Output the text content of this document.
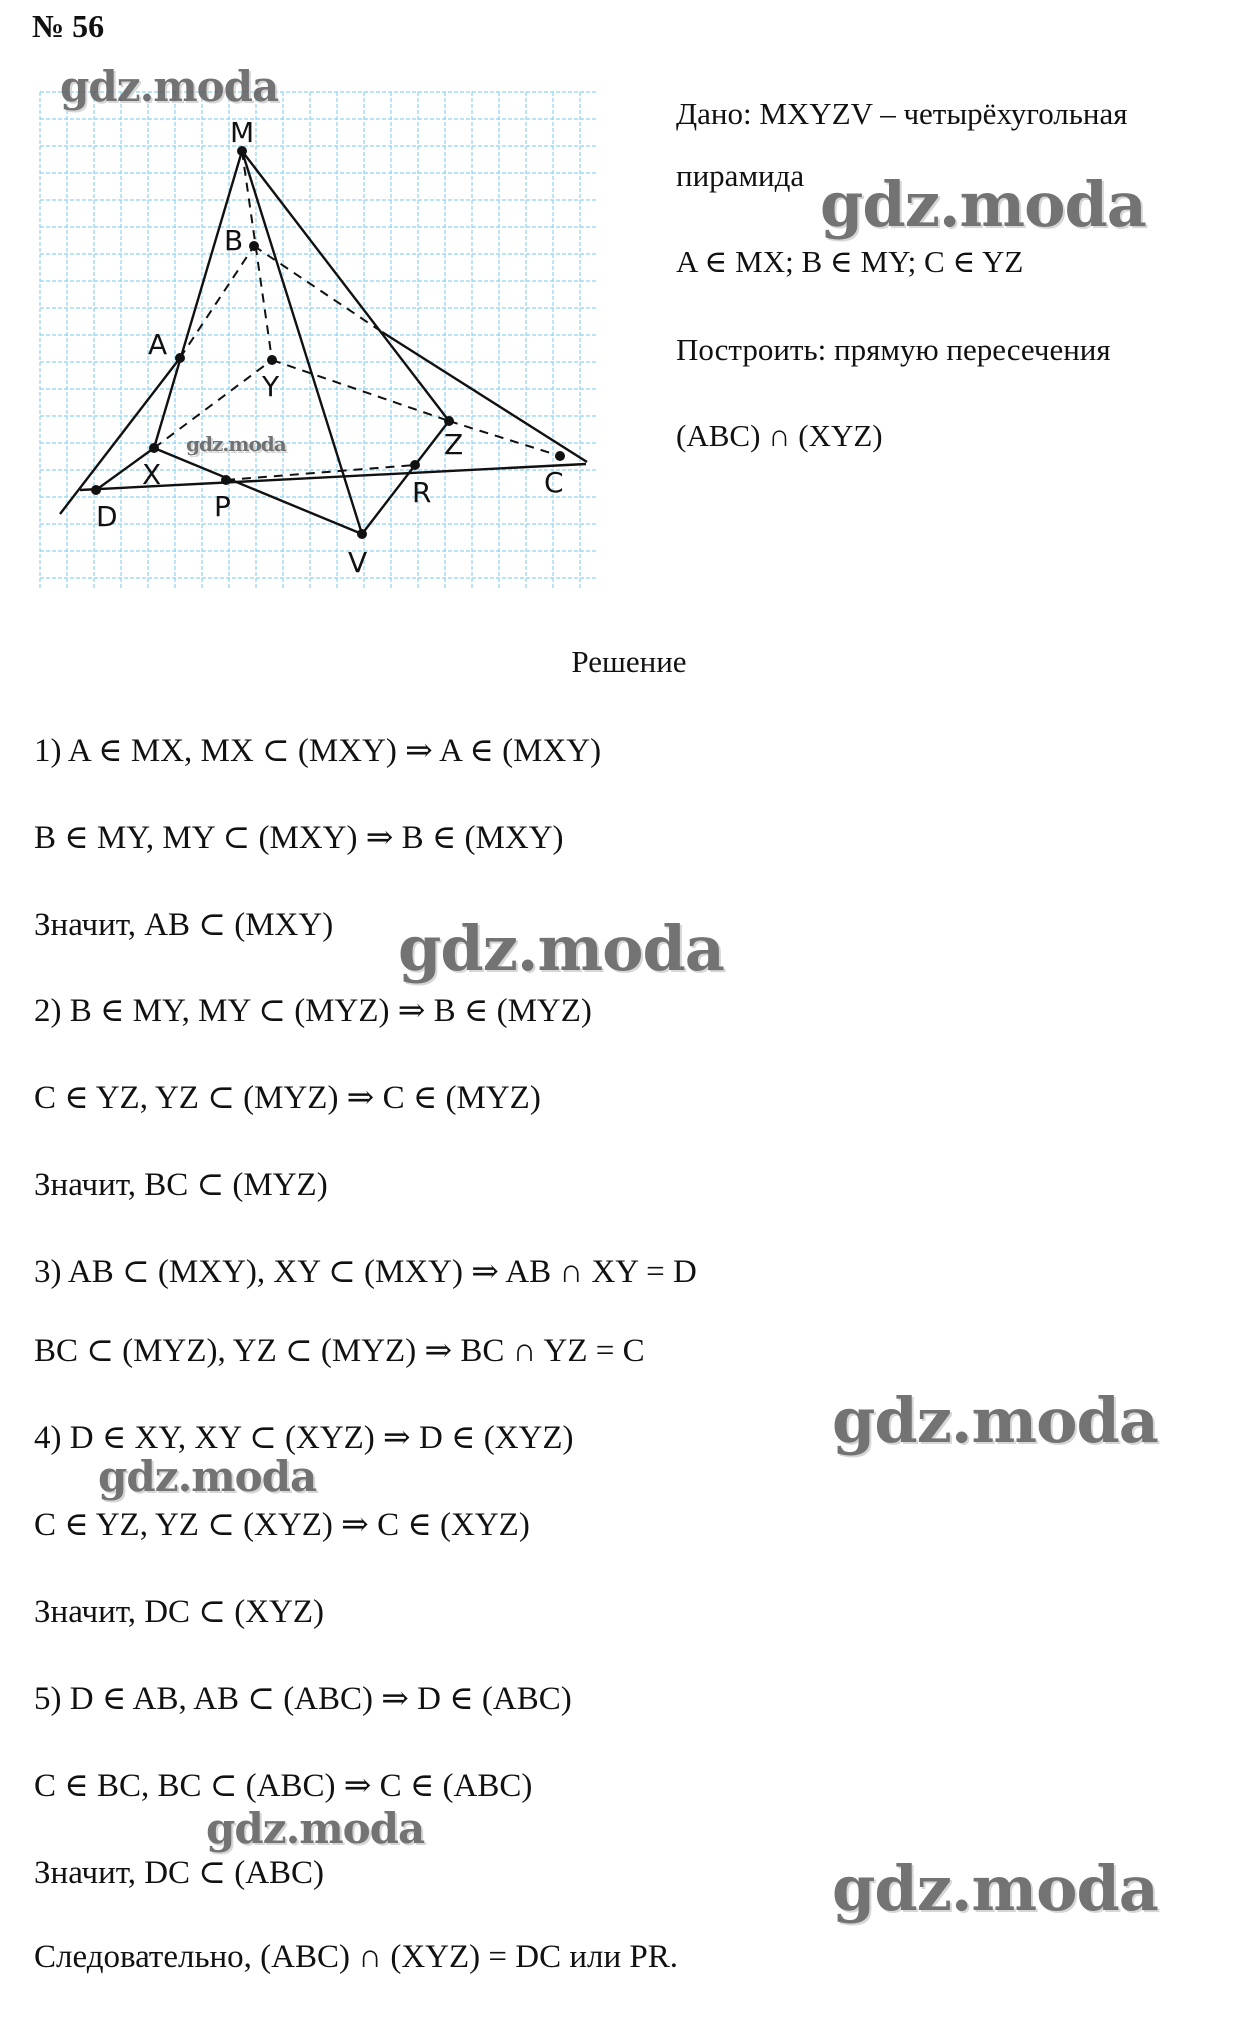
№ 56
M
B
A
Y
Z
X	C
D	P	R
V
Дано: MXYZV – четырёхугольная
пирамида
A ∈ MX; B ∈ MY; C ∈ YZ
Построить: прямую пересечения
(ABC) ∩ (XYZ)
Решение
1) A ∈ MX, MX ⊂ (MXY) ⇒ A ∈ (MXY)
B ∈ MY, MY ⊂ (MXY) ⇒ B ∈ (MXY)
Значит, AB ⊂ (MXY)
2) B ∈ MY, MY ⊂ (MYZ) ⇒ B ∈ (MYZ)
C ∈ YZ, YZ ⊂ (MYZ) ⇒ C ∈ (MYZ)
Значит, BC ⊂ (MYZ)
3) AB ⊂ (MXY), XY ⊂ (MXY) ⇒ AB ∩ XY = D
BC ⊂ (MYZ), YZ ⊂ (MYZ) ⇒ BC ∩ YZ = C
4) D ∈ XY, XY ⊂ (XYZ) ⇒ D ∈ (XYZ)
C ∈ YZ, YZ ⊂ (XYZ) ⇒ C ∈ (XYZ)
Значит, DC ⊂ (XYZ)
5) D ∈ AB, AB ⊂ (ABC) ⇒ D ∈ (ABC)
C ∈ BC, BC ⊂ (ABC) ⇒ C ∈ (ABC)
Значит, DC ⊂ (ABC)
Следовательно, (ABC) ∩ (XYZ) = DC или PR.
gdz.moda
gdz.moda
gdz.moda
gdz.moda
gdz.moda
gdz.moda
gdz.moda
gdz.moda
